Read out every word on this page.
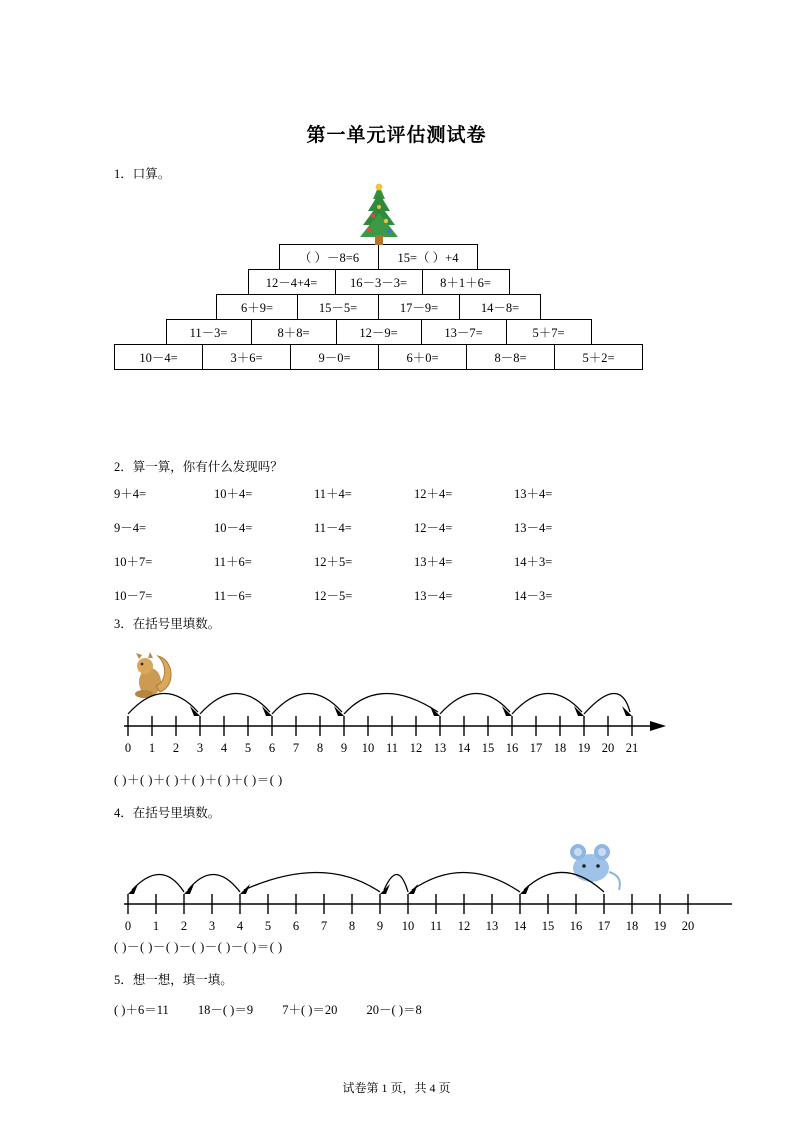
第一单元评估测试卷
1．口算。
（ ）－8=6	15=（ ）+4
12－4+4=	16－3－3=	8＋1＋6=
6＋9=	15－5=	17－9=	14－8=
11－3=	8＋8=	12－9=	13－7=	5＋7=
10－4=	3＋6=	9－0=	6＋0=	8－8=	5＋2=
2．算一算，你有什么发现吗？
9＋4=	10＋4=	11＋4=	12＋4=	13＋4=
9－4=	10－4=	11－4=	12－4=	13－4=
10＋7=	11＋6=	12＋5=	13＋4=	14＋3=
10－7=	11－6=	12－5=	13－4=	14－3=
3．在括号里填数。
0 1 2 3 4 5 6 7 8 9 10 11 12 13 14 15 16 17 18 19 20 21
( )＋( )＋( )＋( )＋( )＋( )＝( )
4．在括号里填数。
0 1 2 3 4 5 6 7 8 9 10 11 12 13 14 15 16 17 18 19 20
( )－( )－( )－( )－( )－( )＝( )
5．想一想，填一填。
( )＋6＝11 18－( )＝9 7＋( )＝20 20－( )＝8
试卷第 1 页，共 4 页
